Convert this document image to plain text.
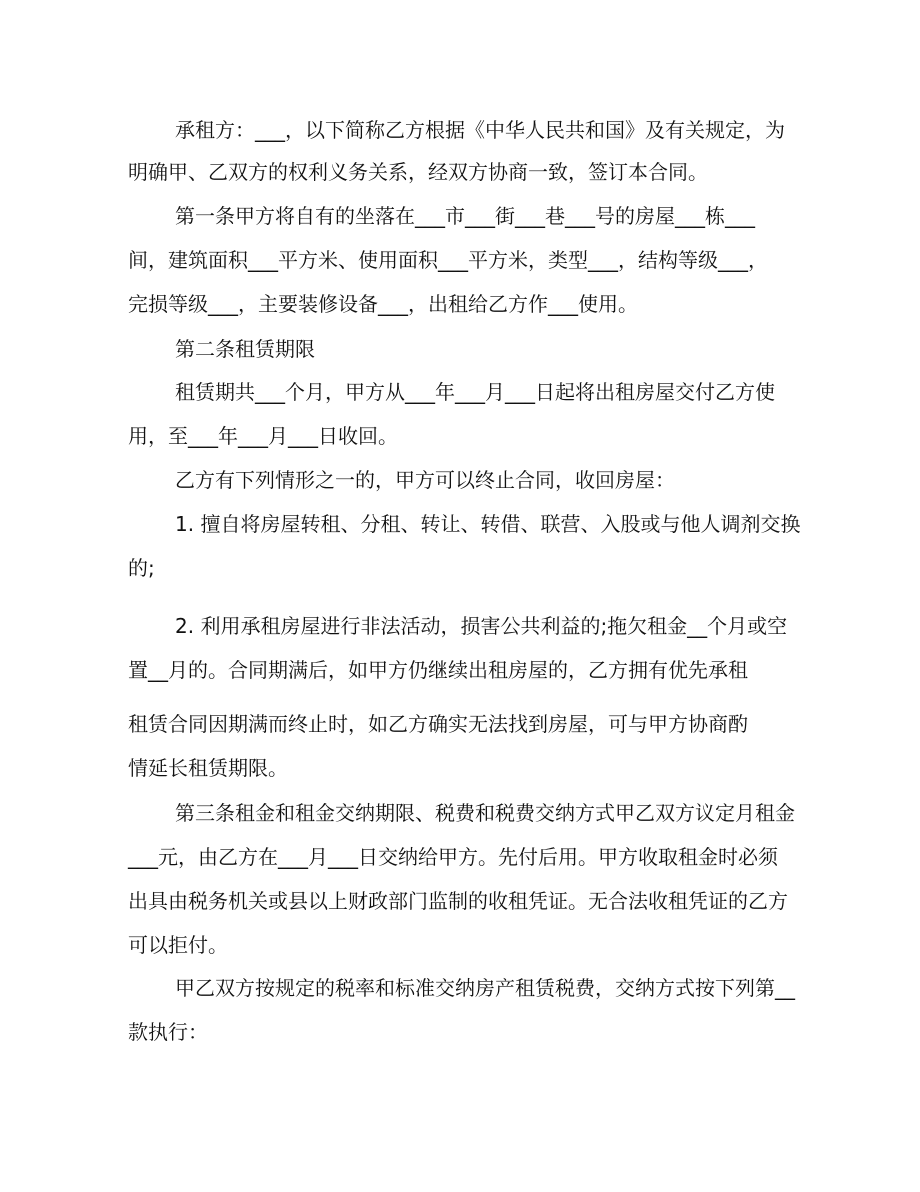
承租方：___，以下简称乙方根据《中华人民共和国》及有关规定，为
明确甲、乙双方的权利义务关系，经双方协商一致，签订本合同。
第一条甲方将自有的坐落在___市___街___巷___号的房屋___栋___
间，建筑面积___平方米、使用面积___平方米，类型___，结构等级___，
完损等级___，主要装修设备___，出租给乙方作___使用。
第二条租赁期限
租赁期共___个月，甲方从___年___月___日起将出租房屋交付乙方使
用，至___年___月___日收回。
乙方有下列情形之一的，甲方可以终止合同，收回房屋：
1. 擅自将房屋转租、分租、转让、转借、联营、入股或与他人调剂交换
的;
2. 利用承租房屋进行非法活动，损害公共利益的;拖欠租金__个月或空
置__月的。合同期满后，如甲方仍继续出租房屋的，乙方拥有优先承租
租赁合同因期满而终止时，如乙方确实无法找到房屋，可与甲方协商酌
情延长租赁期限。
第三条租金和租金交纳期限、税费和税费交纳方式甲乙双方议定月租金
___元，由乙方在___月___日交纳给甲方。先付后用。甲方收取租金时必须
出具由税务机关或县以上财政部门监制的收租凭证。无合法收租凭证的乙方
可以拒付。
甲乙双方按规定的税率和标准交纳房产租赁税费，交纳方式按下列第__
款执行：
